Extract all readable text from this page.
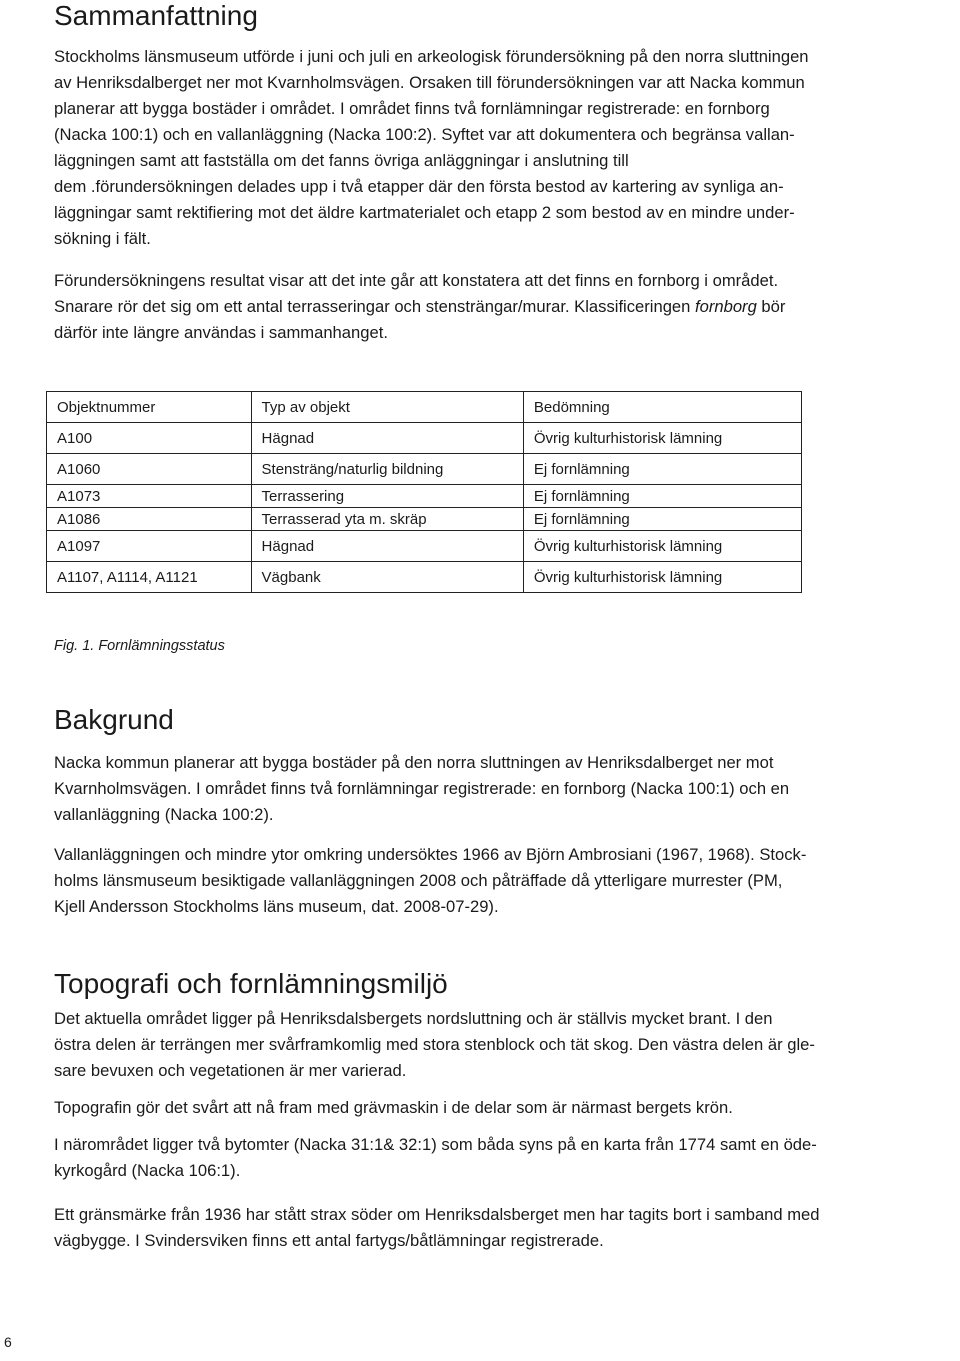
Sammanfattning

Stockholms länsmuseum utförde i juni och juli en arkeologisk förundersökning på den norra sluttningen
av Henriksdalberget ner mot Kvarnholmsvägen. Orsaken till förundersökningen var att Nacka kommun
planerar att bygga bostäder i området. I området finns två fornlämningar registrerade: en fornborg
(Nacka 100:1) och en vallanläggning (Nacka 100:2). Syftet var att dokumentera och begränsa vallan-
läggningen samt att fastställa om det fanns övriga anläggningar i anslutning till
dem .förundersökningen delades upp i två etapper där den första bestod av kartering av synliga an-
läggningar samt rektifiering mot det äldre kartmaterialet och etapp 2 som bestod av en mindre under-
sökning i fält.

Förundersökningens resultat visar att det inte går att konstatera att det finns en fornborg i området.
Snarare rör det sig om ett antal terrasseringar och stensträngar/murar. Klassificeringen fornborg bör
därför inte längre användas i sammanhanget.

Objektnummer	Typ av objekt	Bedömning
A100	Hägnad	Övrig kulturhistorisk lämning
A1060	Stensträng/naturlig bildning	Ej fornlämning
A1073	Terrassering	Ej fornlämning
A1086	Terrasserad yta m. skräp	Ej fornlämning
A1097	Hägnad	Övrig kulturhistorisk lämning
A1107, A1114, A1121	Vägbank	Övrig kulturhistorisk lämning
Fig. 1. Fornlämningsstatus
Bakgrund

Nacka kommun planerar att bygga bostäder på den norra sluttningen av Henriksdalberget ner mot
Kvarnholmsvägen. I området finns två fornlämningar registrerade: en fornborg (Nacka 100:1) och en
vallanläggning (Nacka 100:2).

Vallanläggningen och mindre ytor omkring undersöktes 1966 av Björn Ambrosiani (1967, 1968). Stock-
holms länsmuseum besiktigade vallanläggningen 2008 och påträffade då ytterligare murrester (PM,
Kjell Andersson Stockholms läns museum, dat. 2008-07-29).

Topografi och fornlämningsmiljö

Det aktuella området ligger på Henriksdalsbergets nordsluttning och är ställvis mycket brant. I den
östra delen är terrängen mer svårframkomlig med stora stenblock och tät skog. Den västra delen är gle-
sare bevuxen och vegetationen är mer varierad.

Topografin gör det svårt att nå fram med grävmaskin i de delar som är närmast bergets krön.

I närområdet ligger två bytomter (Nacka 31:1& 32:1) som båda syns på en karta från 1774 samt en öde-
kyrkogård (Nacka 106:1).

Ett gränsmärke från 1936 har stått strax söder om Henriksdalsberget men har tagits bort i samband med
vägbygge. I Svindersviken finns ett antal fartygs/båtlämningar registrerade.

6
